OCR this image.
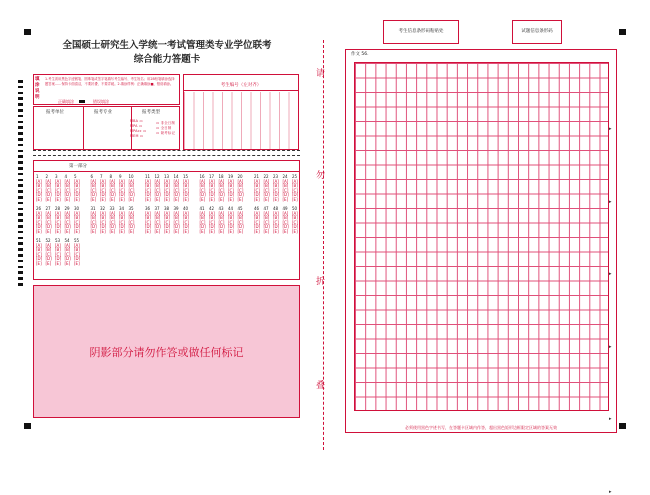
全国硕士研究生入学统一考试管理类专业学位联考
综合能力答题卡
填涂说明
1.考生须用黑色字迹钢笔、圆珠笔或签字笔填写考生编号、考生姓名；用2B铅笔填涂选择题答案……保持卡面清洁，不要折叠、不要弄破。2.填涂样例：正确填涂■，错误填涂。
正确填涂	错误填涂
考生编号（左对齐）
报考单位	报考专业	报考类型
MBA ▭
MPA ▭
MPAcc ▭
MEM ▭
▭ 非全日制
▭ 全日制
▭ 缺考标记
第一部分
1 2 3 4 5
[A] [A] [A] [A] [A]
[B] [B] [B] [B] [B]
[C] [C] [C] [C] [C]
[D] [D] [D] [D] [D]
[E] [E] [E] [E] [E]
6 7 8 9 10
[A] [A] [A] [A] [A]
[B] [B] [B] [B] [B]
[C] [C] [C] [C] [C]
[D] [D] [D] [D] [D]
[E] [E] [E] [E] [E]
11 12 13 14 15
[A] [A] [A] [A] [A]
[B] [B] [B] [B] [B]
[C] [C] [C] [C] [C]
[D] [D] [D] [D] [D]
[E] [E] [E] [E] [E]
16 17 18 19 20
[A] [A] [A] [A] [A]
[B] [B] [B] [B] [B]
[C] [C] [C] [C] [C]
[D] [D] [D] [D] [D]
[E] [E] [E] [E] [E]
21 22 23 24 25
[A] [A] [A] [A] [A]
[B] [B] [B] [B] [B]
[C] [C] [C] [C] [C]
[D] [D] [D] [D] [D]
[E] [E] [E] [E] [E]
26 27 28 29 30
[A] [A] [A] [A] [A]
[B] [B] [B] [B] [B]
[C] [C] [C] [C] [C]
[D] [D] [D] [D] [D]
[E] [E] [E] [E] [E]
31 32 33 34 35
[A] [A] [A] [A] [A]
[B] [B] [B] [B] [B]
[C] [C] [C] [C] [C]
[D] [D] [D] [D] [D]
[E] [E] [E] [E] [E]
36 37 38 39 40
[A] [A] [A] [A] [A]
[B] [B] [B] [B] [B]
[C] [C] [C] [C] [C]
[D] [D] [D] [D] [D]
[E] [E] [E] [E] [E]
41 42 43 44 45
[A] [A] [A] [A] [A]
[B] [B] [B] [B] [B]
[C] [C] [C] [C] [C]
[D] [D] [D] [D] [D]
[E] [E] [E] [E] [E]
46 47 48 49 50
[A] [A] [A] [A] [A]
[B] [B] [B] [B] [B]
[C] [C] [C] [C] [C]
[D] [D] [D] [D] [D]
[E] [E] [E] [E] [E]
51 52 53 54 55
[A] [A] [A] [A] [A]
[B] [B] [B] [B] [B]
[C] [C] [C] [C] [C]
[D] [D] [D] [D] [D]
[E] [E] [E] [E] [E]
阴影部分请勿作答或做任何标记
请
勿
折
叠
考生信息条形码粘贴处	试题信息条形码
作文 56.
必须使用黑色字迹书写，在答题卡区域内作答，超出黑色矩形边框限定区域的答案无效
▸
▸
▸
▸
▸
▸
